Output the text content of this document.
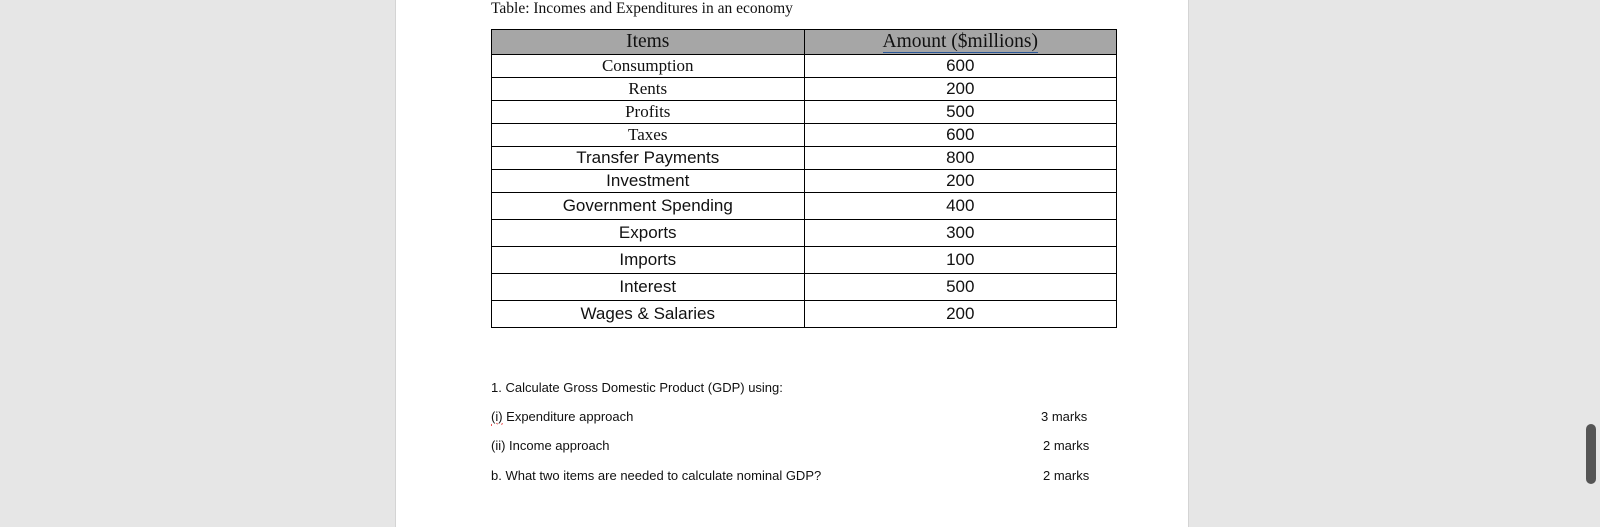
Table: Incomes and Expenditures in an economy
Items	Amount ($millions)
Consumption	600
Rents	200
Profits	500
Taxes	600
Transfer Payments	800
Investment	200
Government Spending	400
Exports	300
Imports	100
Interest	500
Wages & Salaries	200
1. Calculate Gross Domestic Product (GDP) using:
(i) Expenditure approach	3 marks
(ii) Income approach	2 marks
b. What two items are needed to calculate nominal GDP?	2 marks
